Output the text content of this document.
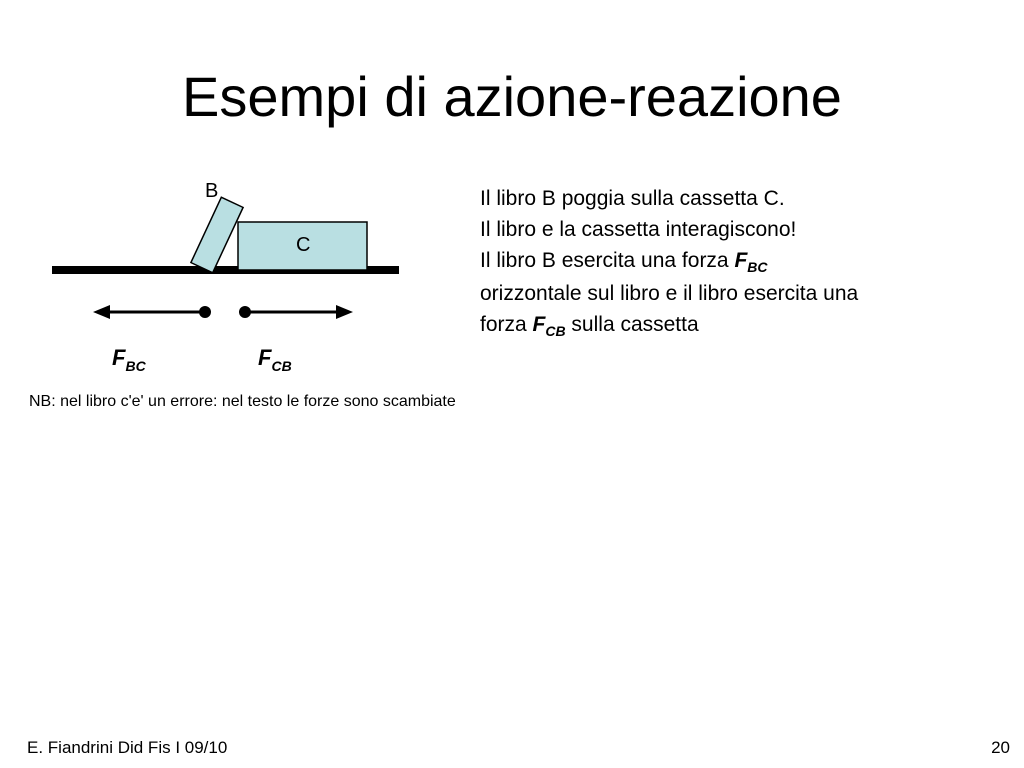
Esempi di azione-reazione
B
C
$F_{BC}$	$F_{CB}$
Il libro B poggia sulla cassetta C.
Il libro e la cassetta interagiscono!
Il libro B esercita una forza $F_{BC}$
orizzontale sul libro e il libro esercita una
forza $F_{CB}$ sulla cassetta
NB: nel libro c'e' un errore: nel testo le forze sono scambiate
E. Fiandrini Did Fis I 09/10	20
